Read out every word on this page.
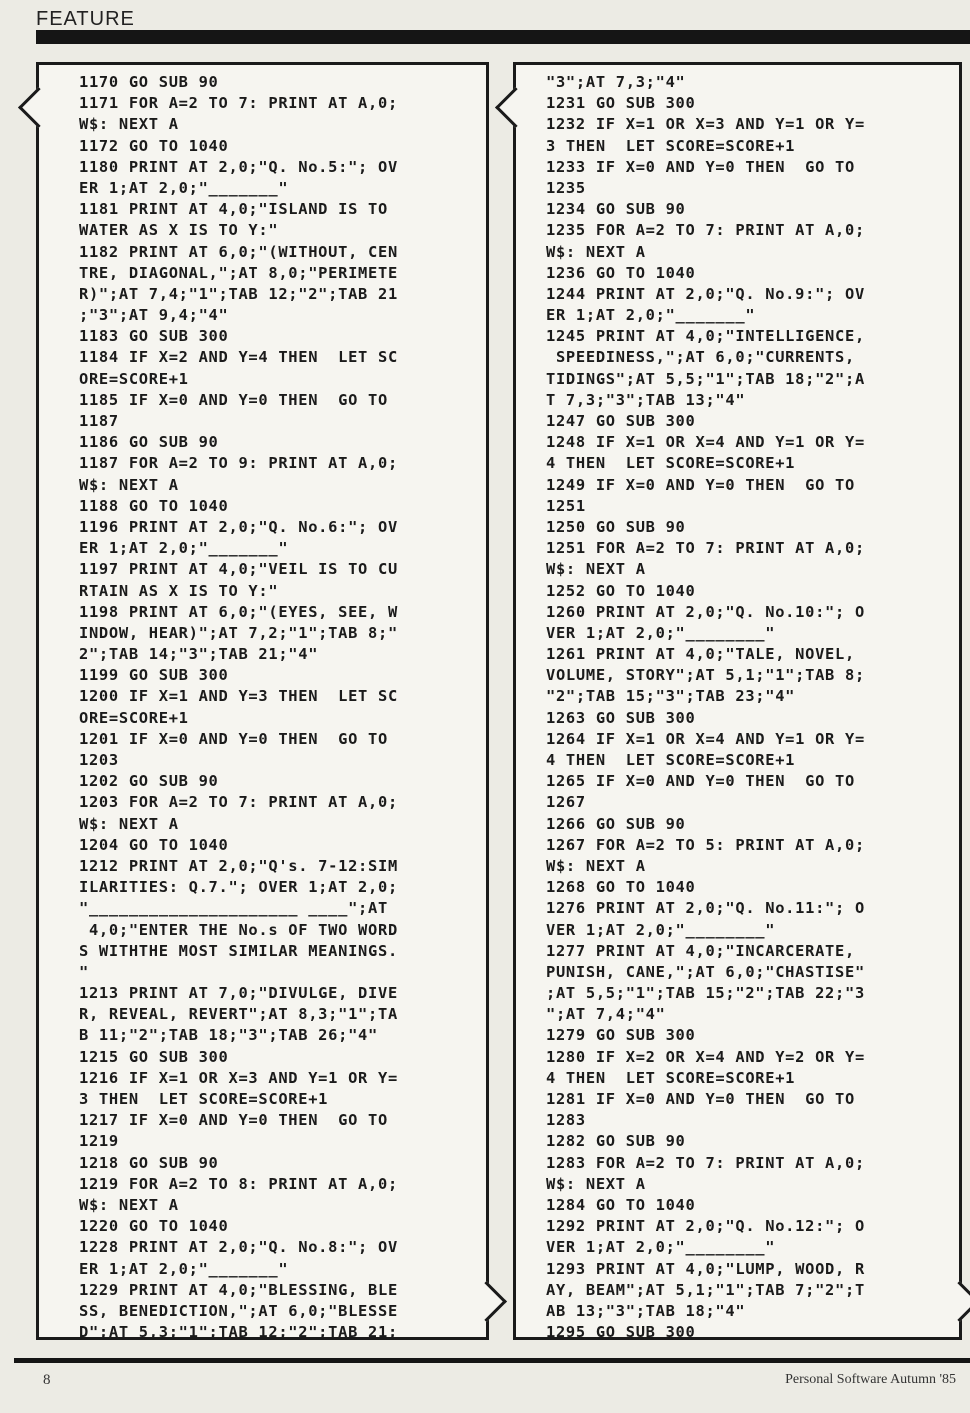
FEATURE
1170 GO SUB 90
1171 FOR A=2 TO 7: PRINT AT A,0;
W$: NEXT A
1172 GO TO 1040
1180 PRINT AT 2,0;"Q. No.5:"; OV
ER 1;AT 2,0;"_______"
1181 PRINT AT 4,0;"ISLAND IS TO
WATER AS X IS TO Y:"
1182 PRINT AT 6,0;"(WITHOUT, CEN
TRE, DIAGONAL,";AT 8,0;"PERIMETE
R)";AT 7,4;"1";TAB 12;"2";TAB 21
;"3";AT 9,4;"4"
1183 GO SUB 300
1184 IF X=2 AND Y=4 THEN  LET SC
ORE=SCORE+1
1185 IF X=0 AND Y=0 THEN  GO TO
1187
1186 GO SUB 90
1187 FOR A=2 TO 9: PRINT AT A,0;
W$: NEXT A
1188 GO TO 1040
1196 PRINT AT 2,0;"Q. No.6:"; OV
ER 1;AT 2,0;"_______"
1197 PRINT AT 4,0;"VEIL IS TO CU
RTAIN AS X IS TO Y:"
1198 PRINT AT 6,0;"(EYES, SEE, W
INDOW, HEAR)";AT 7,2;"1";TAB 8;"
2";TAB 14;"3";TAB 21;"4"
1199 GO SUB 300
1200 IF X=1 AND Y=3 THEN  LET SC
ORE=SCORE+1
1201 IF X=0 AND Y=0 THEN  GO TO
1203
1202 GO SUB 90
1203 FOR A=2 TO 7: PRINT AT A,0;
W$: NEXT A
1204 GO TO 1040
1212 PRINT AT 2,0;"Q's. 7-12:SIM
ILARITIES: Q.7."; OVER 1;AT 2,0;
"_____________________ ____";AT
4,0;"ENTER THE No.s OF TWO WORD
S WITHTHE MOST SIMILAR MEANINGS.
"
1213 PRINT AT 7,0;"DIVULGE, DIVE
R, REVEAL, REVERT";AT 8,3;"1";TA
B 11;"2";TAB 18;"3";TAB 26;"4"
1215 GO SUB 300
1216 IF X=1 OR X=3 AND Y=1 OR Y=
3 THEN  LET SCORE=SCORE+1
1217 IF X=0 AND Y=0 THEN  GO TO
1219
1218 GO SUB 90
1219 FOR A=2 TO 8: PRINT AT A,0;
W$: NEXT A
1220 GO TO 1040
1228 PRINT AT 2,0;"Q. No.8:"; OV
ER 1;AT 2,0;"_______"
1229 PRINT AT 4,0;"BLESSING, BLE
SS, BENEDICTION,";AT 6,0;"BLESSE
D";AT 5,3;"1";TAB 12;"2";TAB 21;
"3";AT 7,3;"4"
1231 GO SUB 300
1232 IF X=1 OR X=3 AND Y=1 OR Y=
3 THEN  LET SCORE=SCORE+1
1233 IF X=0 AND Y=0 THEN  GO TO
1235
1234 GO SUB 90
1235 FOR A=2 TO 7: PRINT AT A,0;
W$: NEXT A
1236 GO TO 1040
1244 PRINT AT 2,0;"Q. No.9:"; OV
ER 1;AT 2,0;"_______"
1245 PRINT AT 4,0;"INTELLIGENCE,
SPEEDINESS,";AT 6,0;"CURRENTS,
TIDINGS";AT 5,5;"1";TAB 18;"2";A
T 7,3;"3";TAB 13;"4"
1247 GO SUB 300
1248 IF X=1 OR X=4 AND Y=1 OR Y=
4 THEN  LET SCORE=SCORE+1
1249 IF X=0 AND Y=0 THEN  GO TO
1251
1250 GO SUB 90
1251 FOR A=2 TO 7: PRINT AT A,0;
W$: NEXT A
1252 GO TO 1040
1260 PRINT AT 2,0;"Q. No.10:"; O
VER 1;AT 2,0;"________"
1261 PRINT AT 4,0;"TALE, NOVEL,
VOLUME, STORY";AT 5,1;"1";TAB 8;
"2";TAB 15;"3";TAB 23;"4"
1263 GO SUB 300
1264 IF X=1 OR X=4 AND Y=1 OR Y=
4 THEN  LET SCORE=SCORE+1
1265 IF X=0 AND Y=0 THEN  GO TO
1267
1266 GO SUB 90
1267 FOR A=2 TO 5: PRINT AT A,0;
W$: NEXT A
1268 GO TO 1040
1276 PRINT AT 2,0;"Q. No.11:"; O
VER 1;AT 2,0;"________"
1277 PRINT AT 4,0;"INCARCERATE,
PUNISH, CANE,";AT 6,0;"CHASTISE"
;AT 5,5;"1";TAB 15;"2";TAB 22;"3
";AT 7,4;"4"
1279 GO SUB 300
1280 IF X=2 OR X=4 AND Y=2 OR Y=
4 THEN  LET SCORE=SCORE+1
1281 IF X=0 AND Y=0 THEN  GO TO
1283
1282 GO SUB 90
1283 FOR A=2 TO 7: PRINT AT A,0;
W$: NEXT A
1284 GO TO 1040
1292 PRINT AT 2,0;"Q. No.12:"; O
VER 1;AT 2,0;"________"
1293 PRINT AT 4,0;"LUMP, WOOD, R
AY, BEAM";AT 5,1;"1";TAB 7;"2";T
AB 13;"3";TAB 18;"4"
1295 GO SUB 300
8	Personal Software Autumn '85
